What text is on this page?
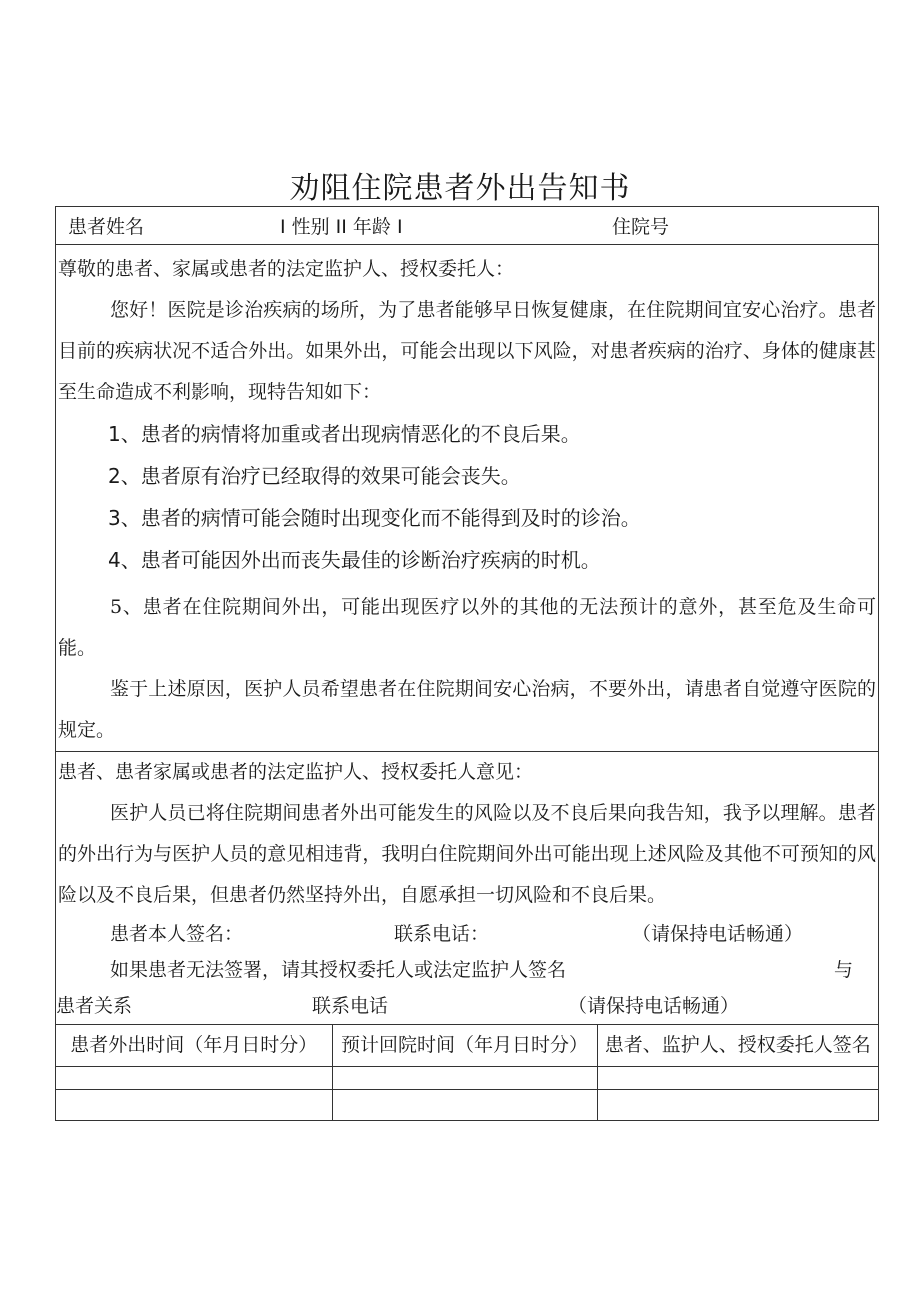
劝阻住院患者外出告知书
患者姓名	I 性别 II 年龄 I	住院号

尊敬的患者、家属或患者的法定监护人、授权委托人：

您好！医院是诊治疾病的场所，为了患者能够早日恢复健康，在住院期间宜安心治疗。患者目前的疾病状况不适合外出。如果外出，可能会出现以下风险，对患者疾病的治疗、身体的健康甚至生命造成不利影响，现特告知如下：

1、患者的病情将加重或者出现病情恶化的不良后果。

2、患者原有治疗已经取得的效果可能会丧失。

3、患者的病情可能会随时出现变化而不能得到及时的诊治。

4、患者可能因外出而丧失最佳的诊断治疗疾病的时机。

5、患者在住院期间外出，可能出现医疗以外的其他的无法预计的意外，甚至危及生命可能。

鉴于上述原因，医护人员希望患者在住院期间安心治病，不要外出，请患者自觉遵守医院的规定。

患者、患者家属或患者的法定监护人、授权委托人意见：

医护人员已将住院期间患者外出可能发生的风险以及不良后果向我告知，我予以理解。患者的外出行为与医护人员的意见相违背，我明白住院期间外出可能出现上述风险及其他不可预知的风险以及不良后果，但患者仍然坚持外出，自愿承担一切风险和不良后果。

患者本人签名：	联系电话：	（请保持电话畅通）
如果患者无法签署，请其授权委托人或法定监护人签名	与
患者关系	联系电话	（请保持电话畅通）
患者外出时间（年月日时分）	预计回院时间（年月日时分）	患者、监护人、授权委托人签名
